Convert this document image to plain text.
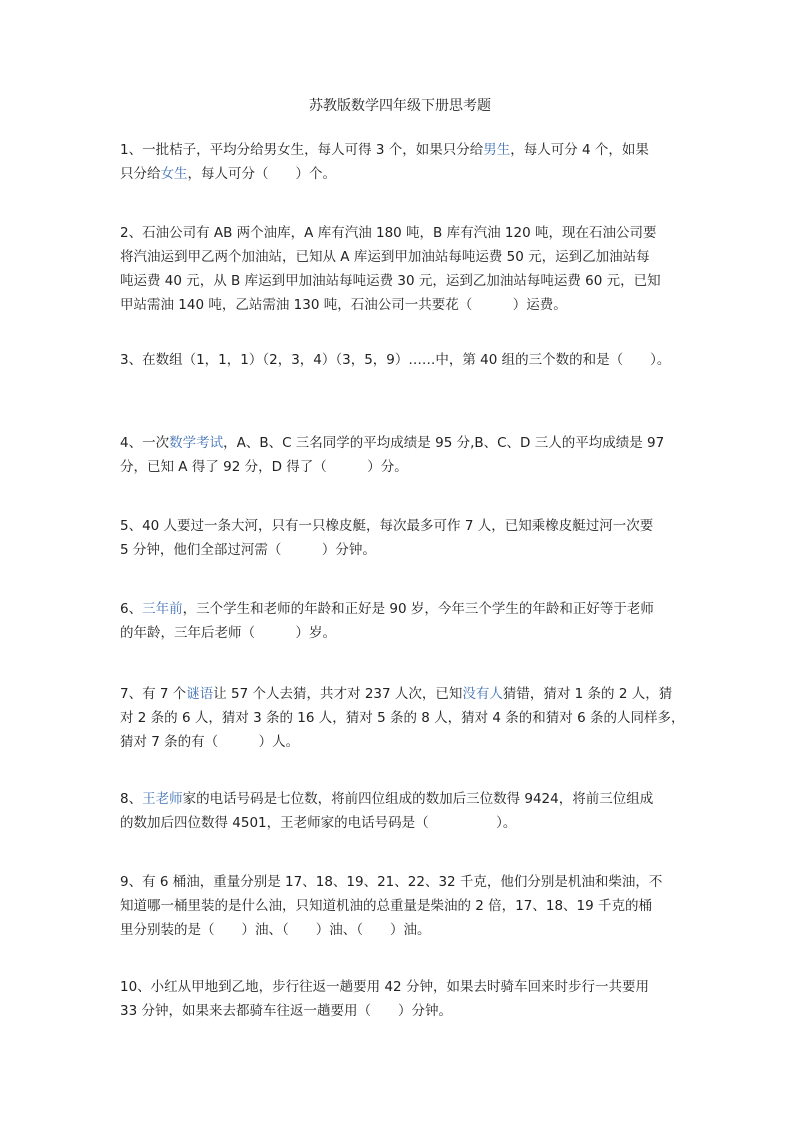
苏教版数学四年级下册思考题
1、一批桔子，平均分给男女生，每人可得 3 个，如果只分给男生，每人可分 4 个，如果
只分给女生，每人可分（　　）个。
2、石油公司有 AB 两个油库，A 库有汽油 180 吨，B 库有汽油 120 吨，现在石油公司要
将汽油运到甲乙两个加油站，已知从 A 库运到甲加油站每吨运费 50 元，运到乙加油站每
吨运费 40 元，从 B 库运到甲加油站每吨运费 30 元，运到乙加油站每吨运费 60 元，已知
甲站需油 140 吨，乙站需油 130 吨，石油公司一共要花（　　　）运费。
3、在数组（1，1，1）（2，3，4）（3，5，9）……中，第 40 组的三个数的和是（　　）。
4、一次数学考试，A、B、C 三名同学的平均成绩是 95 分,B、C、D 三人的平均成绩是 97
分，已知 A 得了 92 分，D 得了（　　　）分。
5、40 人要过一条大河，只有一只橡皮艇，每次最多可作 7 人，已知乘橡皮艇过河一次要
5 分钟，他们全部过河需（　　　）分钟。
6、三年前，三个学生和老师的年龄和正好是 90 岁，今年三个学生的年龄和正好等于老师
的年龄，三年后老师（　　　）岁。
7、有 7 个谜语让 57 个人去猜，共才对 237 人次，已知没有人猜错，猜对 1 条的 2 人，猜
对 2 条的 6 人，猜对 3 条的 16 人，猜对 5 条的 8 人，猜对 4 条的和猜对 6 条的人同样多，
猜对 7 条的有（　　　）人。
8、王老师家的电话号码是七位数，将前四位组成的数加后三位数得 9424，将前三位组成
的数加后四位数得 4501，王老师家的电话号码是（　　　　　）。
9、有 6 桶油，重量分别是 17、18、19、21、22、32 千克，他们分别是机油和柴油，不
知道哪一桶里装的是什么油，只知道机油的总重量是柴油的 2 倍，17、18、19 千克的桶
里分别装的是（　　）油、（　　）油、（　　）油。
10、小红从甲地到乙地，步行往返一趟要用 42 分钟，如果去时骑车回来时步行一共要用
33 分钟，如果来去都骑车往返一趟要用（　　）分钟。
